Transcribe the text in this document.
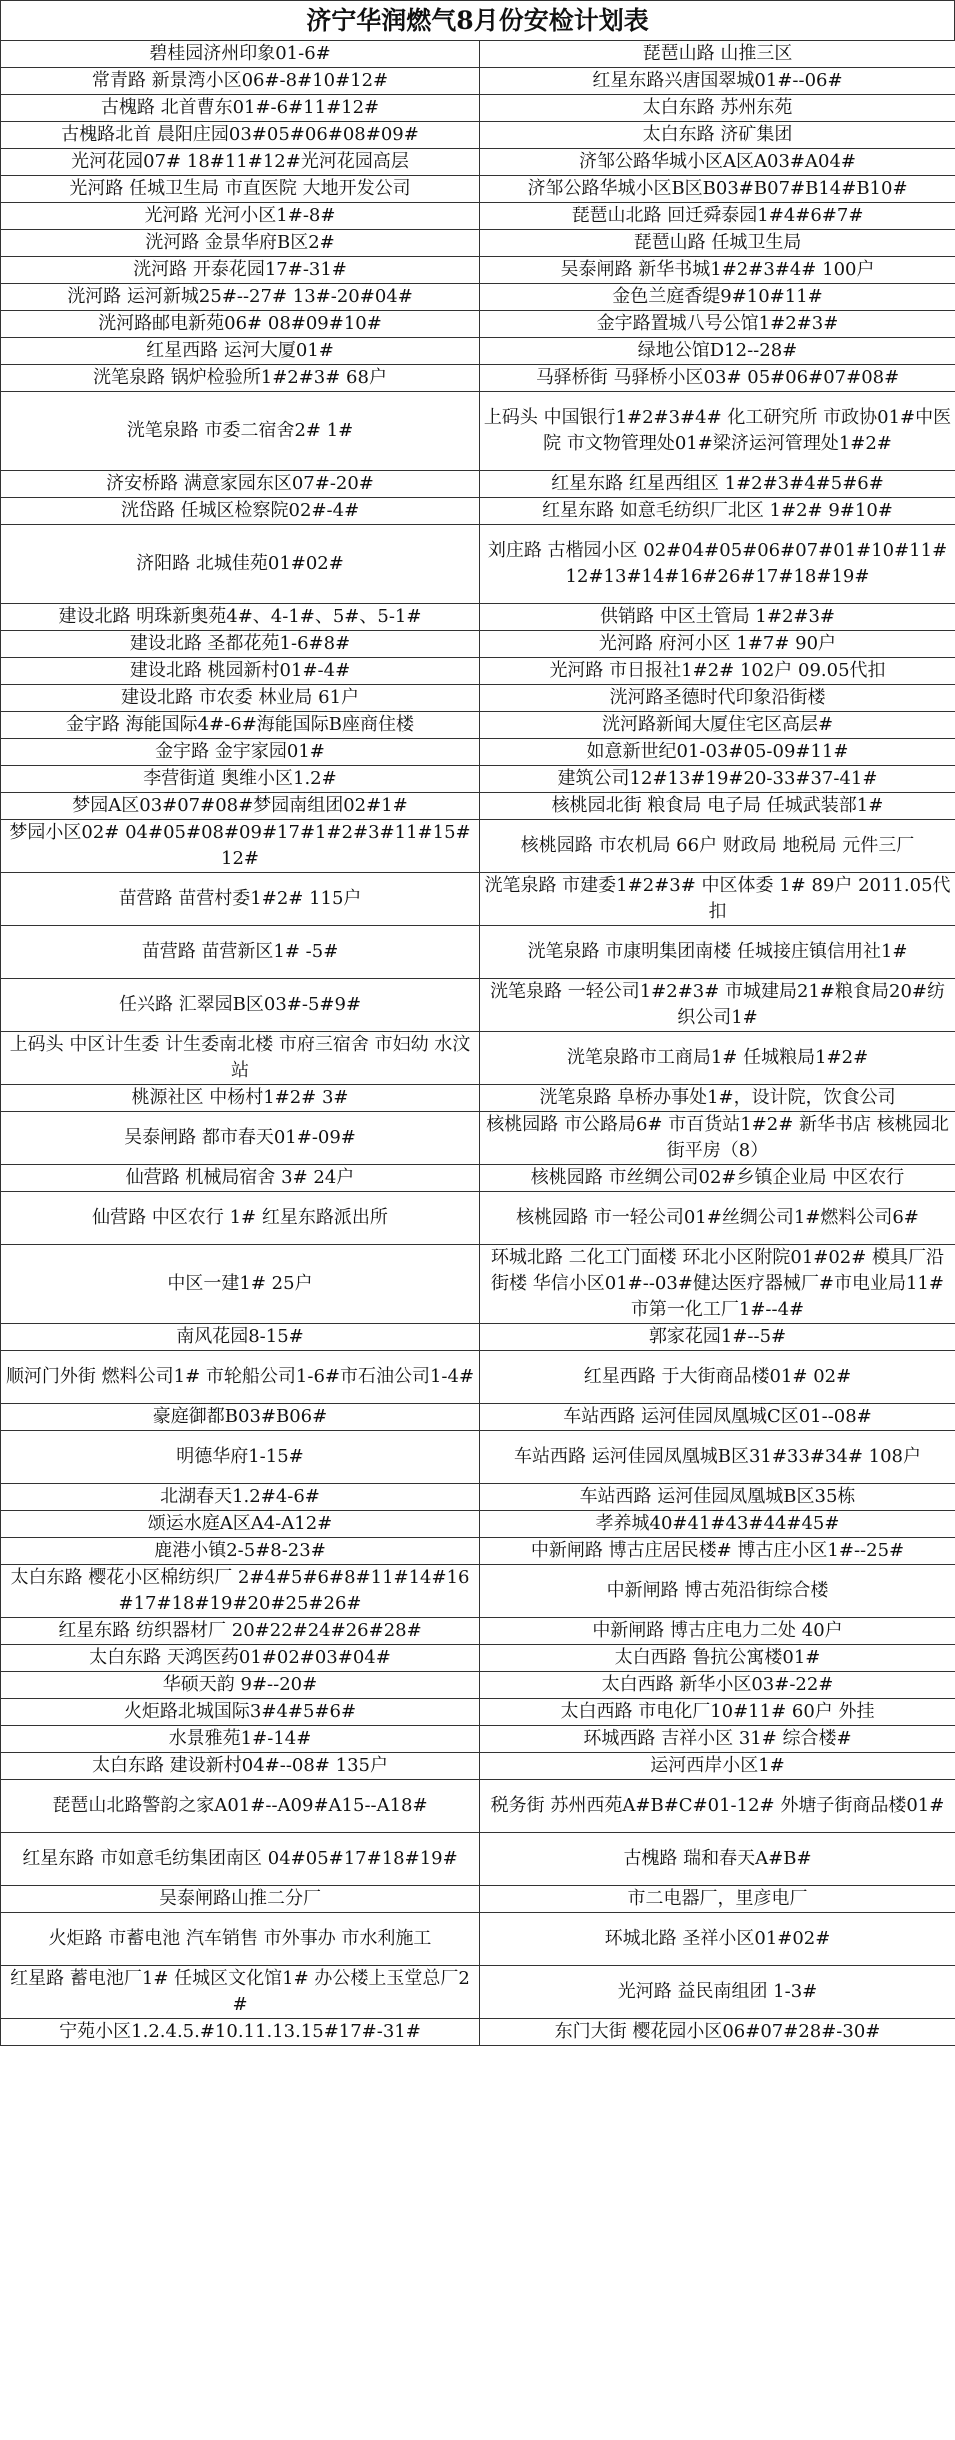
济宁华润燃气8月份安检计划表
碧桂园济州印象01-6#	琵琶山路 山推三区
常青路 新景湾小区06#-8#10#12#	红星东路兴唐国翠城01#--06#
古槐路 北首曹东01#-6#11#12#	太白东路 苏州东苑
古槐路北首 晨阳庄园03#05#06#08#09#	太白东路 济矿集团
光河花园07# 18#11#12#光河花园高层	济邹公路华城小区A区A03#A04#
光河路 任城卫生局 市直医院 大地开发公司	济邹公路华城小区B区B03#B07#B14#B10#
光河路 光河小区1#-8#	琵琶山北路 回迁舜泰园1#4#6#7#
洸河路 金景华府B区2#	琵琶山路 任城卫生局
洸河路 开泰花园17#-31#	吴泰闸路 新华书城1#2#3#4# 100户
洸河路 运河新城25#--27# 13#-20#04#	金色兰庭香缇9#10#11#
洸河路邮电新苑06# 08#09#10#	金宇路置城八号公馆1#2#3#
红星西路 运河大厦01#	绿地公馆D12--28#
洸笔泉路 锅炉检验所1#2#3# 68户	马驿桥街 马驿桥小区03# 05#06#07#08#
洸笔泉路 市委二宿舍2# 1#	上码头 中国银行1#2#3#4# 化工研究所 市政协01#中医院 市文物管理处01#梁济运河管理处1#2#
济安桥路 满意家园东区07#-20#	红星东路 红星西组区 1#2#3#4#5#6#
洸岱路 任城区检察院02#-4#	红星东路 如意毛纺织厂北区 1#2# 9#10#
济阳路 北城佳苑01#02#	刘庄路 古楷园小区 02#04#05#06#07#01#10#11#12#13#14#16#26#17#18#19#
建设北路 明珠新奥苑4#、4-1#、5#、5-1#	供销路 中区土管局 1#2#3#
建设北路 圣都花苑1-6#8#	光河路 府河小区 1#7# 90户
建设北路 桃园新村01#-4#	光河路 市日报社1#2# 102户 09.05代扣
建设北路 市农委 林业局 61户	洸河路圣德时代印象沿街楼
金宇路 海能国际4#-6#海能国际B座商住楼	洸河路新闻大厦住宅区高层#
金宇路 金宇家园01#	如意新世纪01-03#05-09#11#
李营街道 奥维小区1.2#	建筑公司12#13#19#20-33#37-41#
梦园A区03#07#08#梦园南组团02#1#	核桃园北街 粮食局 电子局 任城武装部1#
梦园小区02# 04#05#08#09#17#1#2#3#11#15#12#	核桃园路 市农机局 66户 财政局 地税局 元件三厂
苗营路 苗营村委1#2# 115户	洸笔泉路 市建委1#2#3# 中区体委 1# 89户 2011.05代扣
苗营路 苗营新区1# -5#	洸笔泉路 市康明集团南楼 任城接庄镇信用社1#
任兴路 汇翠园B区03#-5#9#	洸笔泉路 一轻公司1#2#3# 市城建局21#粮食局20#纺织公司1#
上码头 中区计生委 计生委南北楼 市府三宿舍 市妇幼 水汶站	洸笔泉路市工商局1# 任城粮局1#2#
桃源社区 中杨村1#2# 3#	洸笔泉路 阜桥办事处1#，设计院，饮食公司
吴泰闸路 都市春天01#-09#	核桃园路 市公路局6# 市百货站1#2# 新华书店 核桃园北街平房（8）
仙营路 机械局宿舍 3# 24户	核桃园路 市丝绸公司02#乡镇企业局 中区农行
仙营路 中区农行 1# 红星东路派出所	核桃园路 市一轻公司01#丝绸公司1#燃料公司6#
中区一建1# 25户	环城北路 二化工门面楼 环北小区附院01#02# 模具厂沿街楼 华信小区01#--03#健达医疗器械厂#市电业局11# 市第一化工厂1#--4#
南风花园8-15#	郭家花园1#--5#
顺河门外街 燃料公司1# 市轮船公司1-6#市石油公司1-4#	红星西路 于大街商品楼01# 02#
豪庭御都B03#B06#	车站西路 运河佳园凤凰城C区01--08#
明德华府1-15#	车站西路 运河佳园凤凰城B区31#33#34# 108户
北湖春天1.2#4-6#	车站西路 运河佳园凤凰城B区35栋
颂运水庭A区A4-A12#	孝养城40#41#43#44#45#
鹿港小镇2-5#8-23#	中新闸路 博古庄居民楼# 博古庄小区1#--25#
太白东路 樱花小区棉纺织厂 2#4#5#6#8#11#14#16#17#18#19#20#25#26#	中新闸路 博古苑沿街综合楼
红星东路 纺织器材厂 20#22#24#26#28#	中新闸路 博古庄电力二处 40户
太白东路 天鸿医药01#02#03#04#	太白西路 鲁抗公寓楼01#
华硕天韵 9#--20#	太白西路 新华小区03#-22#
火炬路北城国际3#4#5#6#	太白西路 市电化厂10#11# 60户 外挂
水景雅苑1#-14#	环城西路 吉祥小区 31# 综合楼#
太白东路 建设新村04#--08# 135户	运河西岸小区1#
琵琶山北路警韵之家A01#--A09#A15--A18#	税务街 苏州西苑A#B#C#01-12# 外塘子街商品楼01#
红星东路 市如意毛纺集团南区 04#05#17#18#19#	古槐路 瑞和春天A#B#
吴泰闸路山推二分厂	市二电器厂，里彦电厂
火炬路 市蓄电池 汽车销售 市外事办 市水利施工	环城北路 圣祥小区01#02#
红星路 蓄电池厂1# 任城区文化馆1# 办公楼上玉堂总厂2#	光河路 益民南组团 1-3#
宁苑小区1.2.4.5.#10.11.13.15#17#-31#	东门大街 樱花园小区06#07#28#-30#
